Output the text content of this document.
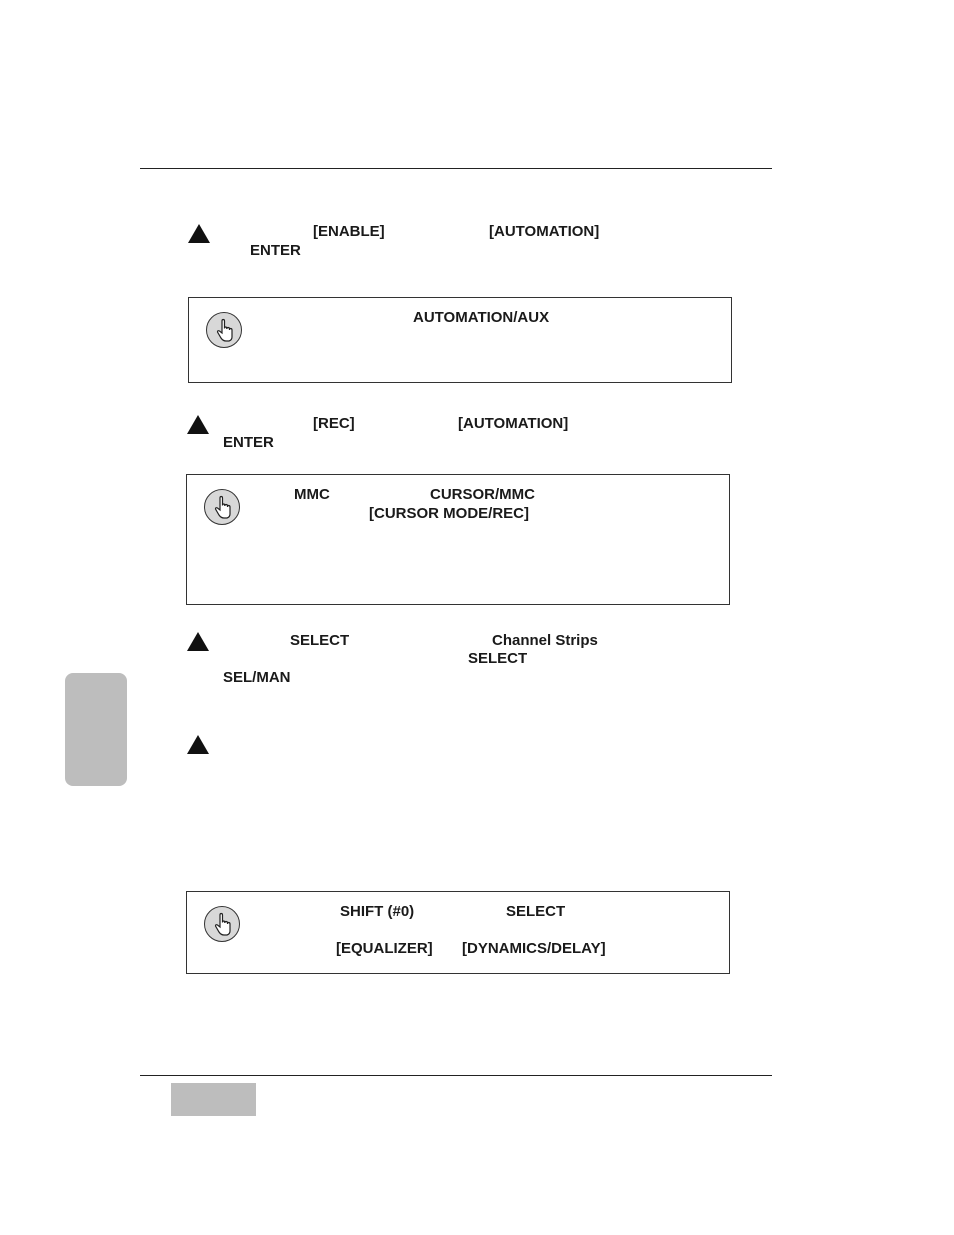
[ENABLE]	[AUTOMATION]
ENTER
AUTOMATION/AUX
[REC]	[AUTOMATION]
ENTER
MMC	CURSOR/MMC
[CURSOR MODE/REC]
SELECT	Channel Strips
SELECT
SEL/MAN
SHIFT (#0)	SELECT
[EQUALIZER] [DYNAMICS/DELAY]
